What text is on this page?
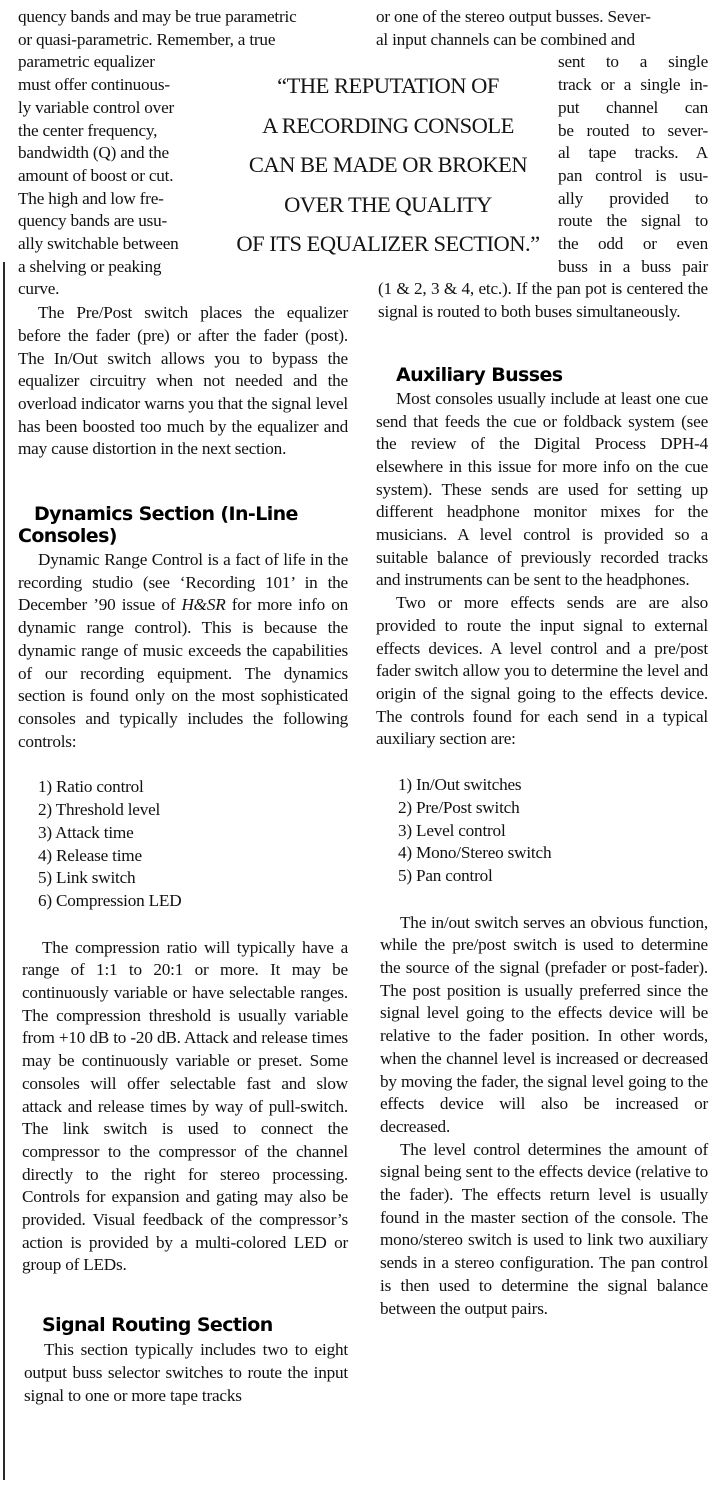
quency bands and may be true parametric
or quasi-parametric. Remember, a true
parametric equalizer
must offer continuous-
ly variable control over
the center frequency,
bandwidth (Q) and the
amount of boost or cut.
The high and low fre-
quency bands are usu-
ally switchable between
a shelving or peaking
curve.

The Pre/Post switch places the equalizer before the fader (pre) or after the fader (post). The In/Out switch allows you to bypass the equalizer circuitry when not needed and the overload indicator warns you that the signal level has been boosted too much by the equalizer and may cause distortion in the next section.

Dynamics Section (In-Line
Consoles)

Dynamic Range Control is a fact of life in the recording studio (see ‘Recording 101’ in the December ’90 issue of H&SR for more info on dynamic range control). This is because the dynamic range of music exceeds the capabilities of our recording equipment. The dynamics section is found only on the most sophisticated consoles and typically includes the following controls:

1) Ratio control
2) Threshold level
3) Attack time
4) Release time
5) Link switch
6) Compression LED

The compression ratio will typically have a range of 1:1 to 20:1 or more. It may be continuously variable or have selectable ranges. The compression threshold is usually variable from +10 dB to -20 dB. Attack and release times may be continuously variable or preset. Some consoles will offer selectable fast and slow attack and release times by way of pull-switch. The link switch is used to connect the compressor to the compressor of the channel directly to the right for stereo processing. Controls for expansion and gating may also be provided. Visual feedback of the compressor’s action is provided by a multi-colored LED or group of LEDs.

Signal Routing Section

This section typically includes two to eight output buss selector switches to route the input signal to one or more tape tracks

“THE REPUTATION OF
A RECORDING CONSOLE
CAN BE MADE OR BROKEN
OVER THE QUALITY
OF ITS EQUALIZER SECTION.”
or one of the stereo output busses. Sever-
al input channels can be combined and
sent to a single
track or a single in-
put channel can
be routed to sever-
al tape tracks. A
pan control is usu-
ally provided to
route the signal to
the odd or even
buss in a buss pair

(1 & 2, 3 & 4, etc.). If the pan pot is centered the signal is routed to both buses simultaneously.

Auxiliary Busses

Most consoles usually include at least one cue send that feeds the cue or foldback system (see the review of the Digital Process DPH-4 elsewhere in this issue for more info on the cue system). These sends are used for setting up different headphone monitor mixes for the musicians. A level control is provided so a suitable balance of previously recorded tracks and instruments can be sent to the headphones.

Two or more effects sends are are also provided to route the input signal to external effects devices. A level control and a pre/post fader switch allow you to determine the level and origin of the signal going to the effects device. The controls found for each send in a typical auxiliary section are:

1) In/Out switches
2) Pre/Post switch
3) Level control
4) Mono/Stereo switch
5) Pan control

The in/out switch serves an obvious function, while the pre/post switch is used to determine the source of the signal (prefader or post-fader). The post position is usually preferred since the signal level going to the effects device will be relative to the fader position. In other words, when the channel level is increased or decreased by moving the fader, the signal level going to the effects device will also be increased or decreased.

The level control determines the amount of signal being sent to the effects device (relative to the fader). The effects return level is usually found in the master section of the console. The mono/stereo switch is used to link two auxiliary sends in a stereo configuration. The pan control is then used to determine the signal balance between the output pairs.
